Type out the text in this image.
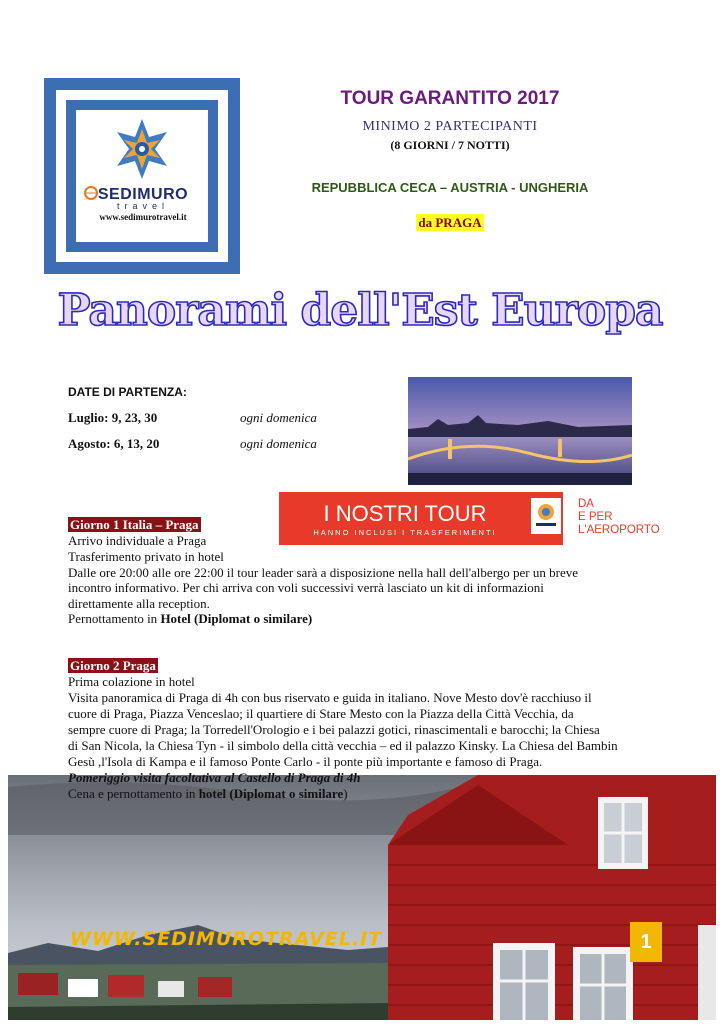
SEDIMURO
travel
www.sedimurotravel.it
TOUR GARANTITO 2017
MINIMO 2 PARTECIPANTI
(8 GIORNI / 7 NOTTI)
REPUBBLICA CECA – AUSTRIA - UNGHERIA
da PRAGA
Panorami dell'Est Europa
DATE DI PARTENZA:
Luglio: 9, 23, 30	ogni domenica
Agosto: 6, 13, 20	ogni domenica
I NOSTRI TOUR
HANNO INCLUSI I TRASFERIMENTI
DA
E PER
L'AEROPORTO
Giorno 1 Italia – Praga
Arrivo individuale a Praga
Trasferimento privato in hotel
Dalle ore 20:00 alle ore 22:00 il tour leader sarà a disposizione nella hall dell'albergo per un breve
incontro informativo. Per chi arriva con voli successivi verrà lasciato un kit di informazioni
direttamente alla reception.
Pernottamento in Hotel (Diplomat o similare)
Giorno 2 Praga
Prima colazione in hotel
Visita panoramica di Praga di 4h con bus riservato e guida in italiano. Nove Mesto dov'è racchiuso il
cuore di Praga, Piazza Venceslao; il quartiere di Stare Mesto con la Piazza della Città Vecchia, da
sempre cuore di Praga; la Torredell'Orologio e i bei palazzi gotici, rinascimentali e barocchi; la Chiesa
di San Nicola, la Chiesa Tyn - il simbolo della città vecchia – ed il palazzo Kinsky. La Chiesa del Bambin
Gesù ,l'Isola di Kampa e il famoso Ponte Carlo - il ponte più importante e famoso di Praga.
Pomeriggio visita facoltativa al Castello di Praga di 4h
Cena e pernottamento in hotel (Diplomat o similare)
WWW.SEDIMUROTRAVEL.IT	1
